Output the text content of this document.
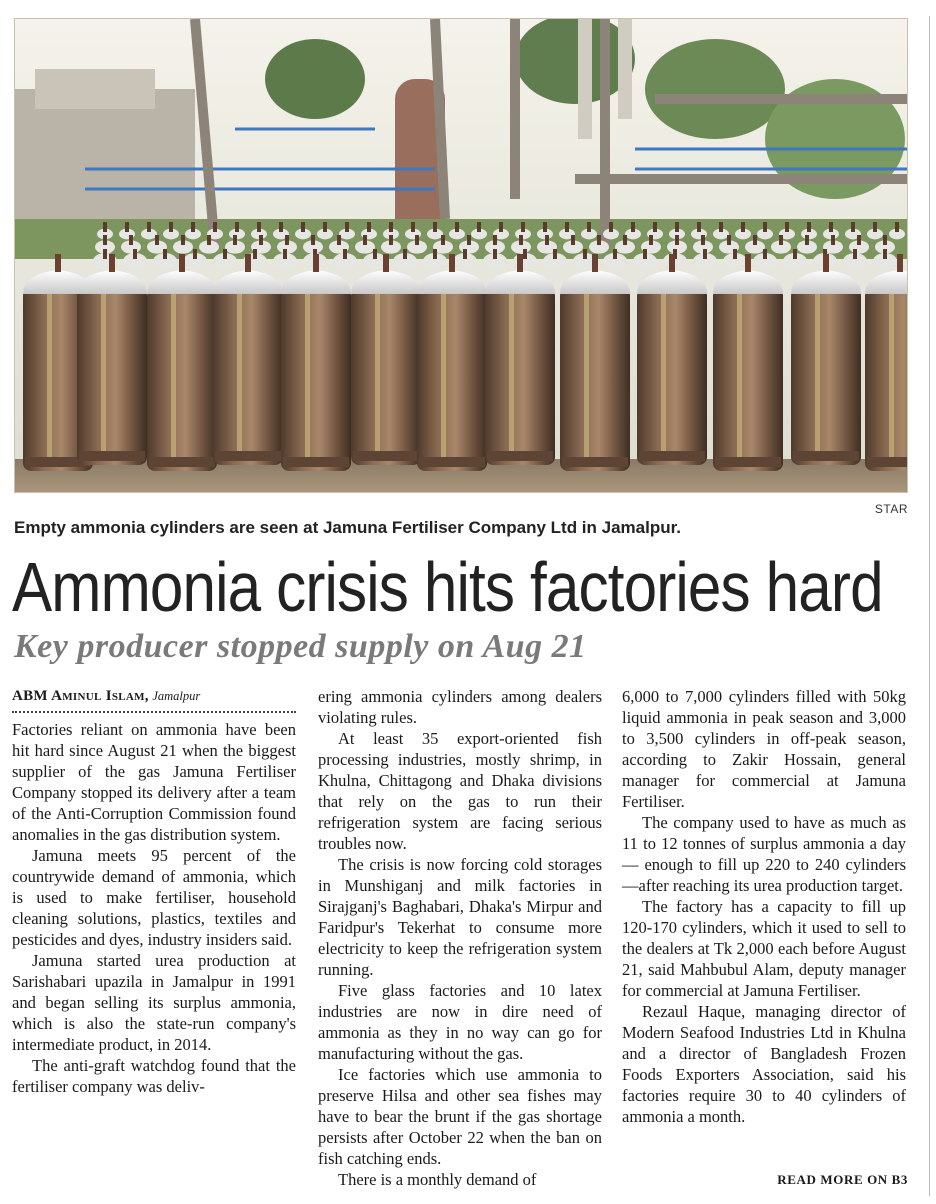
STAR
Empty ammonia cylinders are seen at Jamuna Fertiliser Company Ltd in Jamalpur.
Ammonia crisis hits factories hard
Key producer stopped supply on Aug 21
ABM Aminul Islam, Jamalpur

Factories reliant on ammonia have been hit hard since August 21 when the biggest supplier of the gas Jamuna Fertiliser Company stopped its delivery after a team of the Anti-Corruption Commission found anomalies in the gas distribution system.

Jamuna meets 95 percent of the countrywide demand of ammonia, which is used to make fertiliser, household cleaning solutions, plastics, textiles and pesticides and dyes, industry insiders said.

Jamuna started urea production at Sarishabari upazila in Jamalpur in 1991 and began selling its surplus ammonia, which is also the state-run company's intermediate product, in 2014.

The anti-graft watchdog found that the fertiliser company was deliv-

ering ammonia cylinders among dealers violating rules.

At least 35 export-oriented fish processing industries, mostly shrimp, in Khulna, Chittagong and Dhaka divisions that rely on the gas to run their refrigeration system are facing serious troubles now.

The crisis is now forcing cold storages in Munshiganj and milk factories in Sirajganj's Baghabari, Dhaka's Mirpur and Faridpur's Tekerhat to consume more electricity to keep the refrigeration system running.

Five glass factories and 10 latex industries are now in dire need of ammonia as they in no way can go for manufacturing without the gas.

Ice factories which use ammonia to preserve Hilsa and other sea fishes may have to bear the brunt if the gas shortage persists after October 22 when the ban on fish catching ends.

There is a monthly demand of

6,000 to 7,000 cylinders filled with 50kg liquid ammonia in peak season and 3,000 to 3,500 cylinders in off-peak season, according to Zakir Hossain, general manager for commercial at Jamuna Fertiliser.

The company used to have as much as 11 to 12 tonnes of surplus ammonia a day— enough to fill up 220 to 240 cylinders—after reaching its urea production target.

The factory has a capacity to fill up 120-170 cylinders, which it used to sell to the dealers at Tk 2,000 each before August 21, said Mahbubul Alam, deputy manager for commercial at Jamuna Fertiliser.

Rezaul Haque, managing director of Modern Seafood Industries Ltd in Khulna and a director of Bangladesh Frozen Foods Exporters Association, said his factories require 30 to 40 cylinders of ammonia a month.

READ MORE ON B3
